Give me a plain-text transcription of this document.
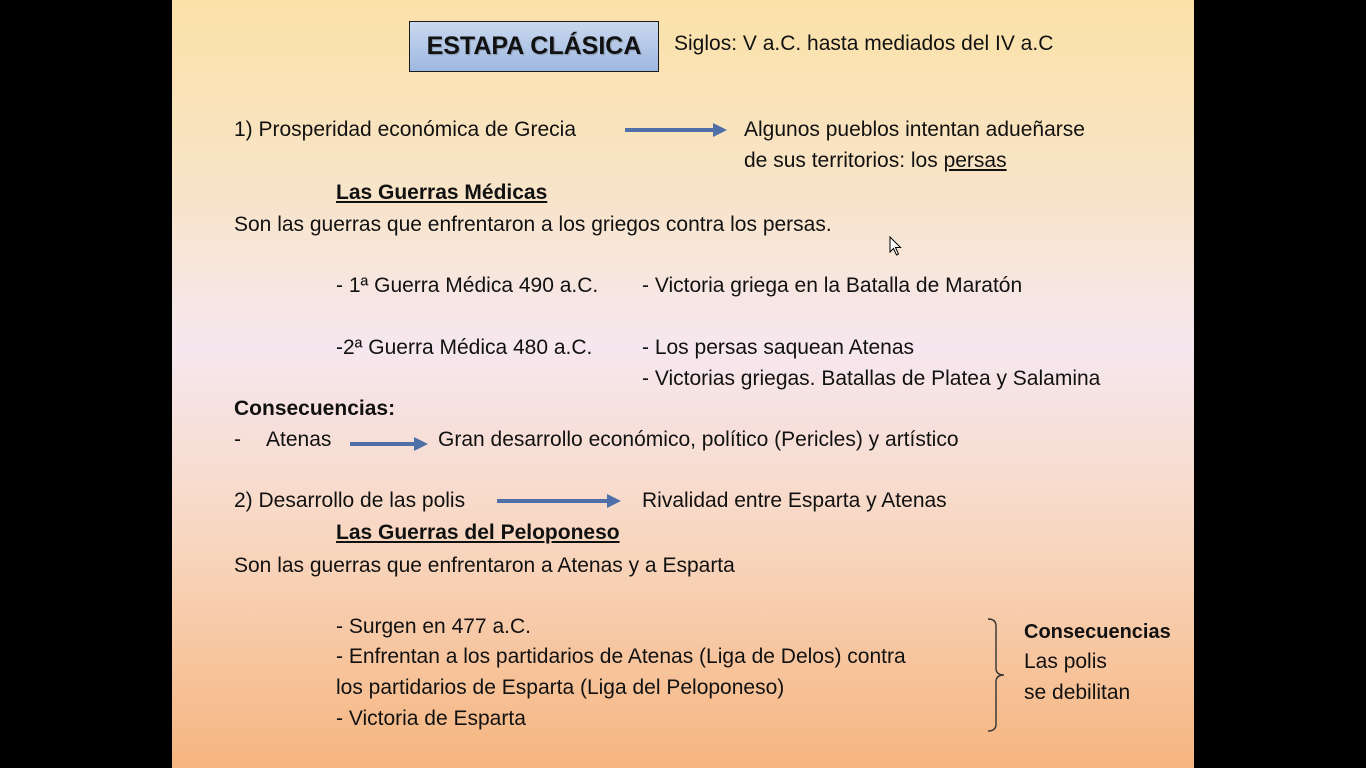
ESTAPA CLÁSICA	Siglos: V a.C. hasta mediados del IV a.C
1) Prosperidad económica de Grecia	Algunos pueblos intentan adueñarse
de sus territorios: los persas
Las Guerras Médicas
Son las guerras que enfrentaron a los griegos contra los persas.
- 1ª Guerra Médica 490 a.C. - Victoria griega en la Batalla de Maratón
-2ª Guerra Médica 480 a.C. - Los persas saquean Atenas
- Victorias griegas. Batallas de Platea y Salamina
Consecuencias:
- Atenas	Gran desarrollo económico, político (Pericles) y artístico
2) Desarrollo de las polis	Rivalidad entre Esparta y Atenas
Las Guerras del Peloponeso
Son las guerras que enfrentaron a Atenas y a Esparta
- Surgen en 477 a.C.
- Enfrentan a los partidarios de Atenas (Liga de Delos) contra
los partidarios de Esparta (Liga del Peloponeso)
- Victoria de Esparta
Consecuencias
Las polis
se debilitan
